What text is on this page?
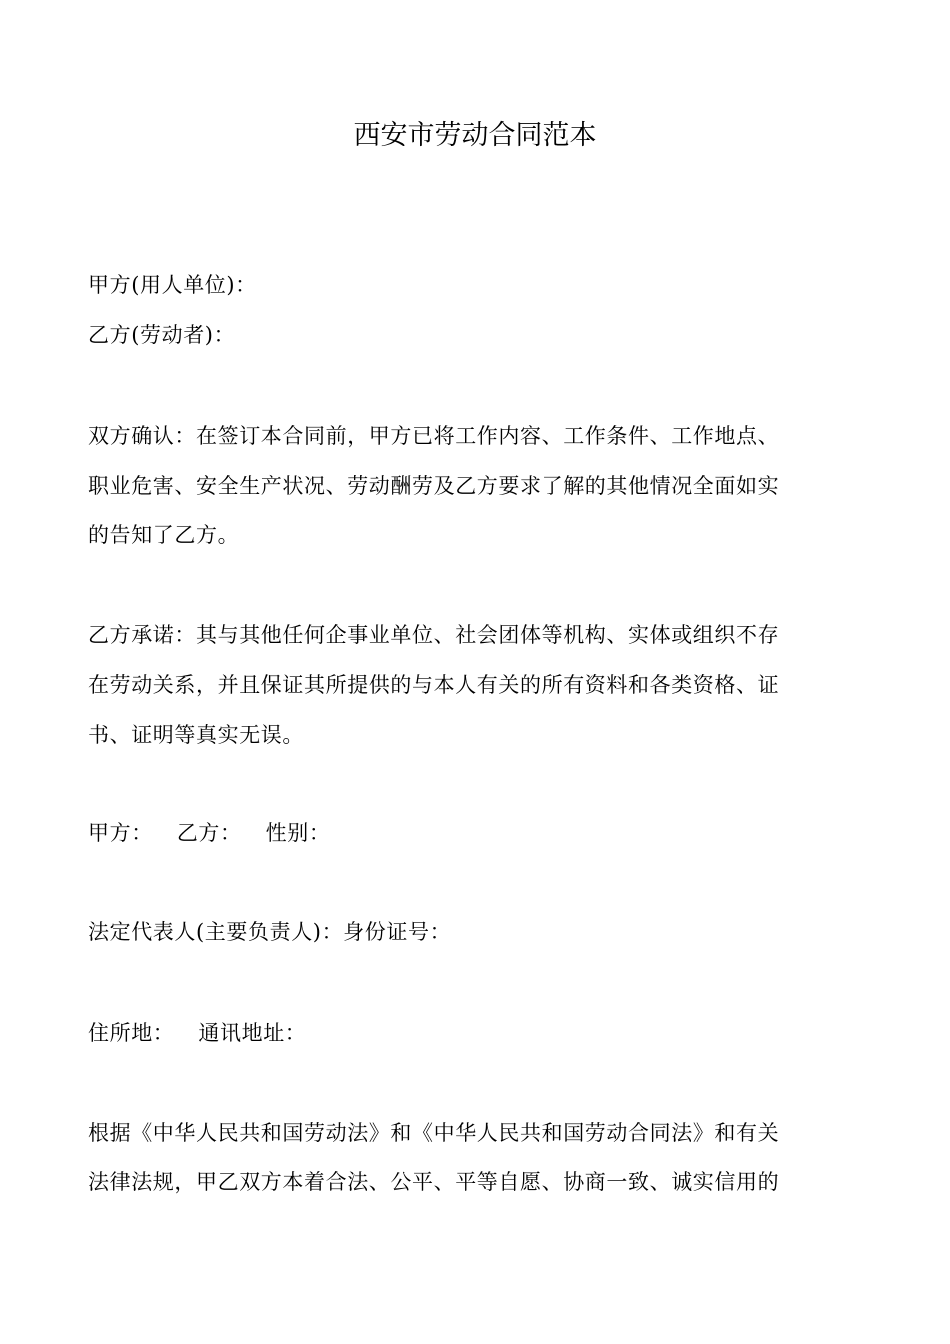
西安市劳动合同范本
甲方(用人单位)：
乙方(劳动者)：
双方确认：在签订本合同前，甲方已将工作内容、工作条件、工作地点、
职业危害、安全生产状况、劳动酬劳及乙方要求了解的其他情况全面如实
的告知了乙方。
乙方承诺：其与其他任何企事业单位、社会团体等机构、实体或组织不存
在劳动关系，并且保证其所提供的与本人有关的所有资料和各类资格、证
书、证明等真实无误。
甲方： 乙方： 性别：
法定代表人(主要负责人)：身份证号：
住所地： 通讯地址：
根据《中华人民共和国劳动法》和《中华人民共和国劳动合同法》和有关
法律法规，甲乙双方本着合法、公平、平等自愿、协商一致、诚实信用的
